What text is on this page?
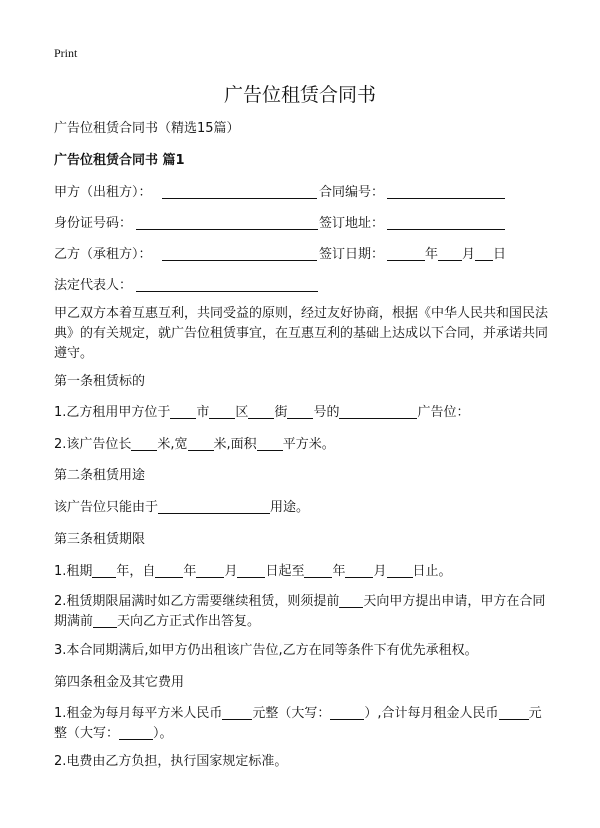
Print
广告位租赁合同书
广告位租赁合同书（精选15篇）
广告位租赁合同书 篇1
甲方（出租方）：	合同编号：
身份证号码：	签订地址：
乙方（承租方）：	签订日期：	年 月 日
法定代表人：
甲乙双方本着互惠互利，共同受益的原则，经过友好协商，根据《中华人民共和国民法典》的有关规定，就广告位租赁事宜，在互惠互利的基础上达成以下合同，并承诺共同遵守。
第一条租赁标的
1.乙方租用甲方位于 市 区 街 号的	广告位：
2.该广告位长 米,宽 米,面积 平方米。
第二条租赁用途
该广告位只能由于	用途。
第三条租赁期限
1.租期 年，自 年 月 日起至 年 月 日止。
2.租赁期限届满时如乙方需要继续租赁，则须提前 天向甲方提出申请，甲方在合同期满前 天向乙方正式作出答复。
3.本合同期满后,如甲方仍出租该广告位,乙方在同等条件下有优先承租权。
第四条租金及其它费用
1.租金为每月每平方米人民币 元整（大写：	）,合计每月租金人民币 元整（大写：	）。
2.电费由乙方负担，执行国家规定标准。
